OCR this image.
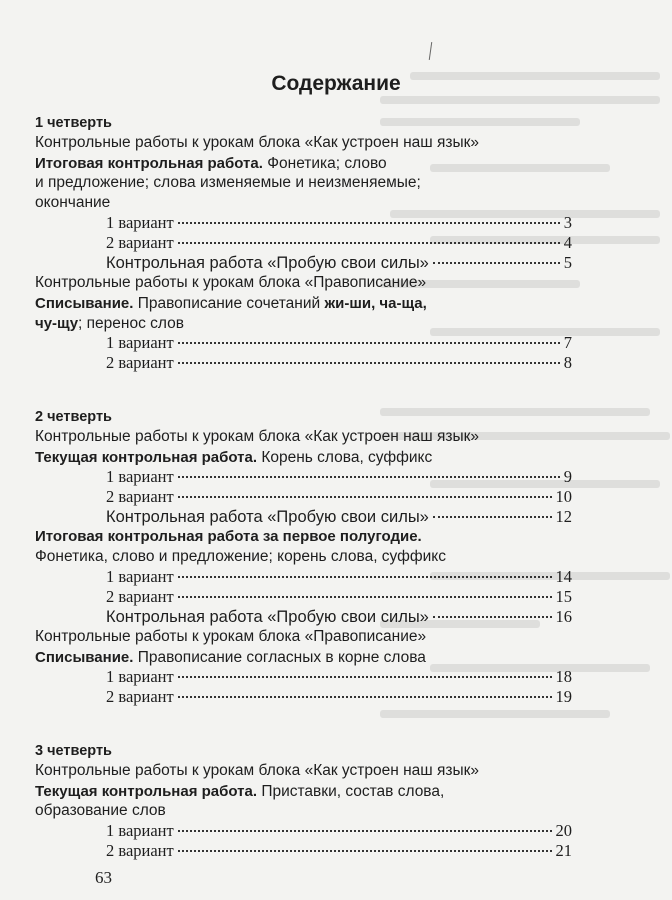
Содержание
1 четверть
Контрольные работы к урокам блока «Как устроен наш язык»
Итоговая контрольная работа. Фонетика; слово
и предложение; слова изменяемые и неизменяемые;
окончание
1 вариант	3
2 вариант	4
Контрольная работа «Пробую свои силы»	5
Контрольные работы к урокам блока «Правописание»
Списывание. Правописание сочетаний жи-ши, ча-ща,
чу-щу; перенос слов
1 вариант	7
2 вариант	8
2 четверть
Контрольные работы к урокам блока «Как устроен наш язык»
Текущая контрольная работа. Корень слова, суффикс
1 вариант	9
2 вариант	10
Контрольная работа «Пробую свои силы»	12
Итоговая контрольная работа за первое полугодие.
Фонетика, слово и предложение; корень слова, суффикс
1 вариант	14
2 вариант	15
Контрольная работа «Пробую свои силы»	16
Контрольные работы к урокам блока «Правописание»
Списывание. Правописание согласных в корне слова
1 вариант	18
2 вариант	19
3 четверть
Контрольные работы к урокам блока «Как устроен наш язык»
Текущая контрольная работа. Приставки, состав слова,
образование слов
1 вариант	20
2 вариант	21
63
